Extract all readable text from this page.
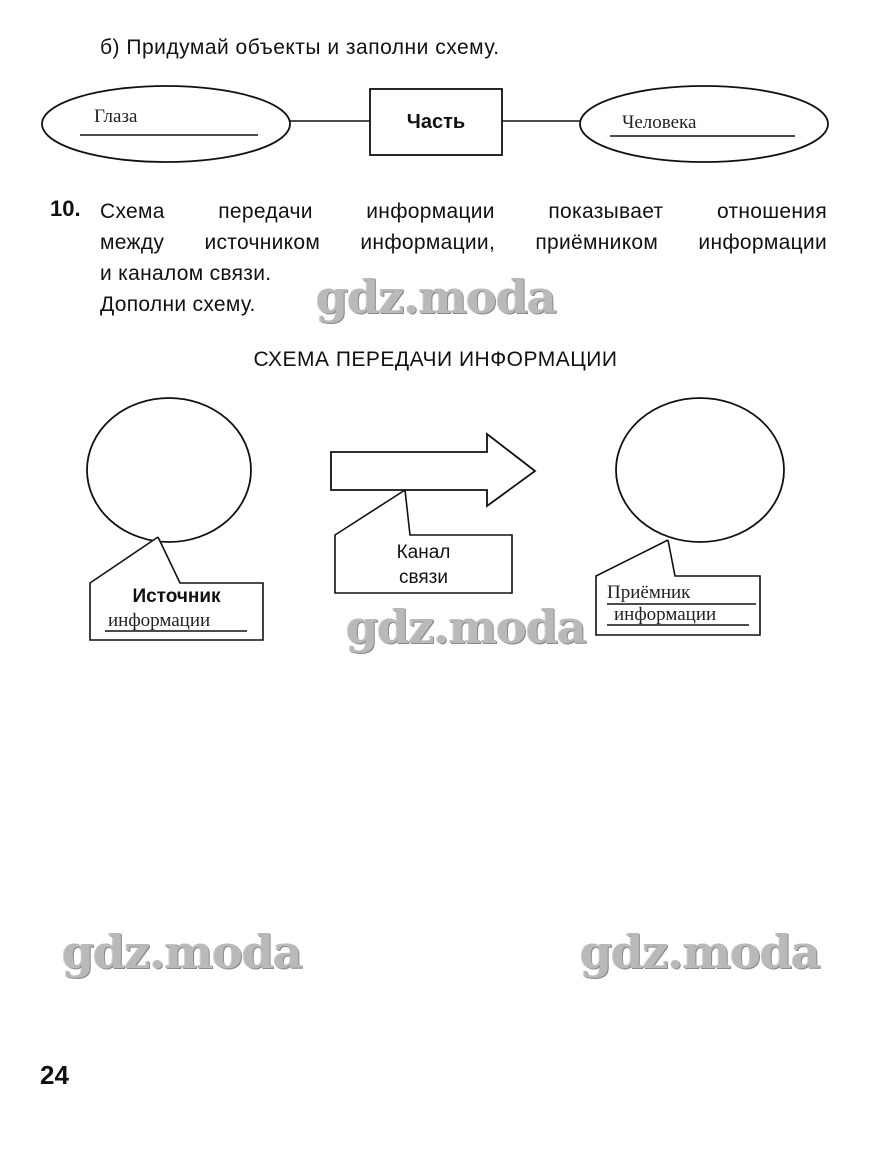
б) Придумай объекты и заполни схему.
Глаза	Часть	Человека
10. Схема передачи информации показывает отношения
между источником информации, приёмником информации
и каналом связи.
Дополни схему.	gdz.moda
СХЕМА ПЕРЕДАЧИ ИНФОРМАЦИИ
Источник
информации
Канал
связи
Приёмник
информации
gdz.moda
gdz.moda	gdz.moda
24
